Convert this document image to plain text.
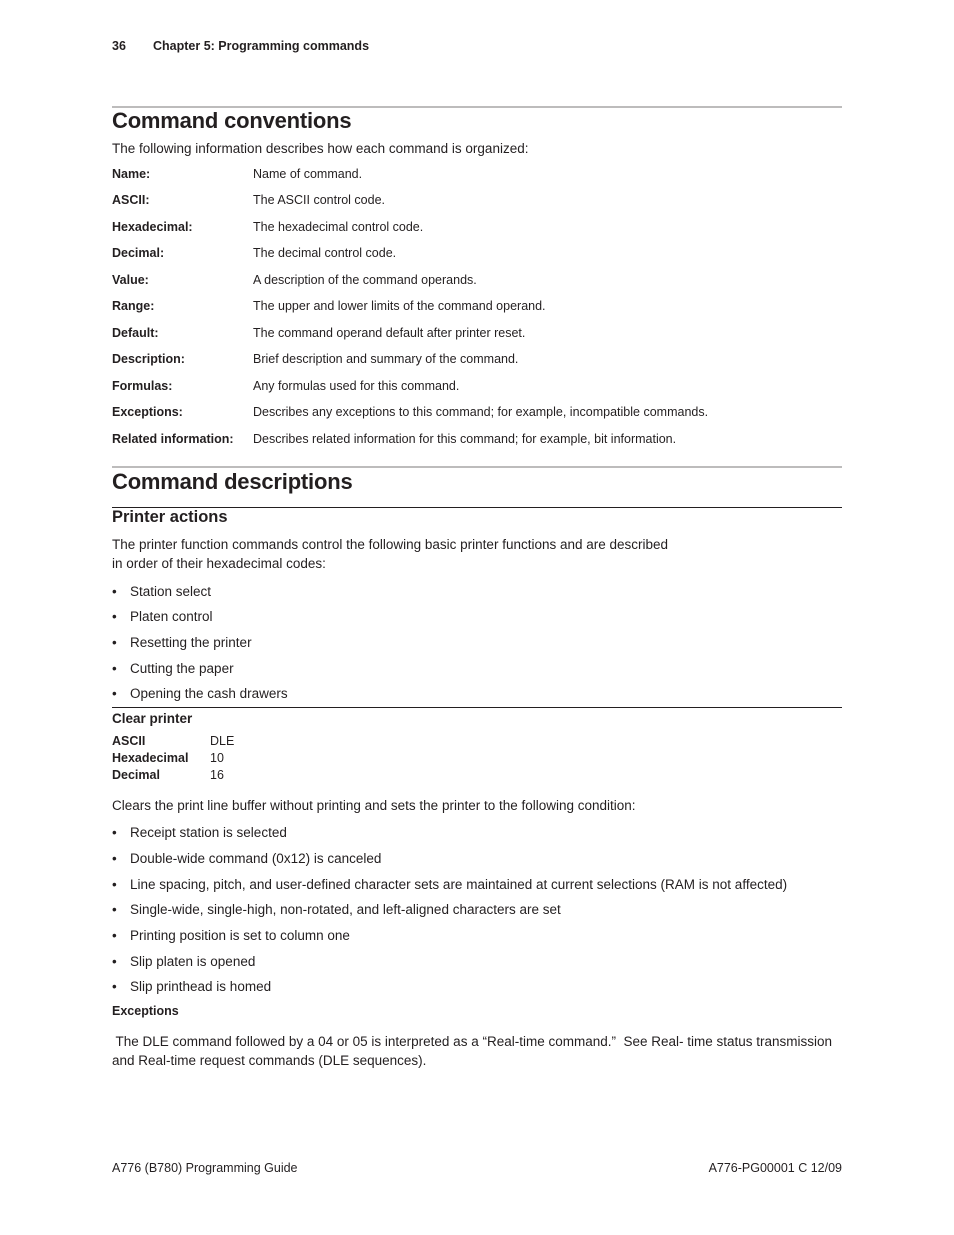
36 Chapter 5: Programming commands
Command conventions
The following information describes how each command is organized:
Name:	Name of command.
ASCII:	The ASCII control code.
Hexadecimal:	The hexadecimal control code.
Decimal:	The decimal control code.
Value:	A description of the command operands.
Range:	The upper and lower limits of the command operand.
Default:	The command operand default after printer reset.
Description:	Brief description and summary of the command.
Formulas:	Any formulas used for this command.
Exceptions:	Describes any exceptions to this command; for example, incompatible commands.
Related information: Describes related information for this command; for example, bit information.
Command descriptions
Printer actions
The printer function commands control the following basic printer functions and are described
in order of their hexadecimal codes:
• Station select
• Platen control
• Resetting the printer
• Cutting the paper
• Opening the cash drawers
Clear printer
ASCII	DLE
Hexadecimal 10
Decimal	16
Clears the print line buffer without printing and sets the printer to the following condition:
• Receipt station is selected
• Double-wide command (0x12) is canceled
• Line spacing, pitch, and user-defined character sets are maintained at current selections (RAM is not affected)
• Single-wide, single-high, non-rotated, and left-aligned characters are set
• Printing position is set to column one
• Slip platen is opened
• Slip printhead is homed
Exceptions
The DLE command followed by a 04 or 05 is interpreted as a “Real-time command.”  See Real- time status transmission
and Real-time request commands (DLE sequences).
A776 (B780) Programming Guide	A776-PG00001 C 12/09
